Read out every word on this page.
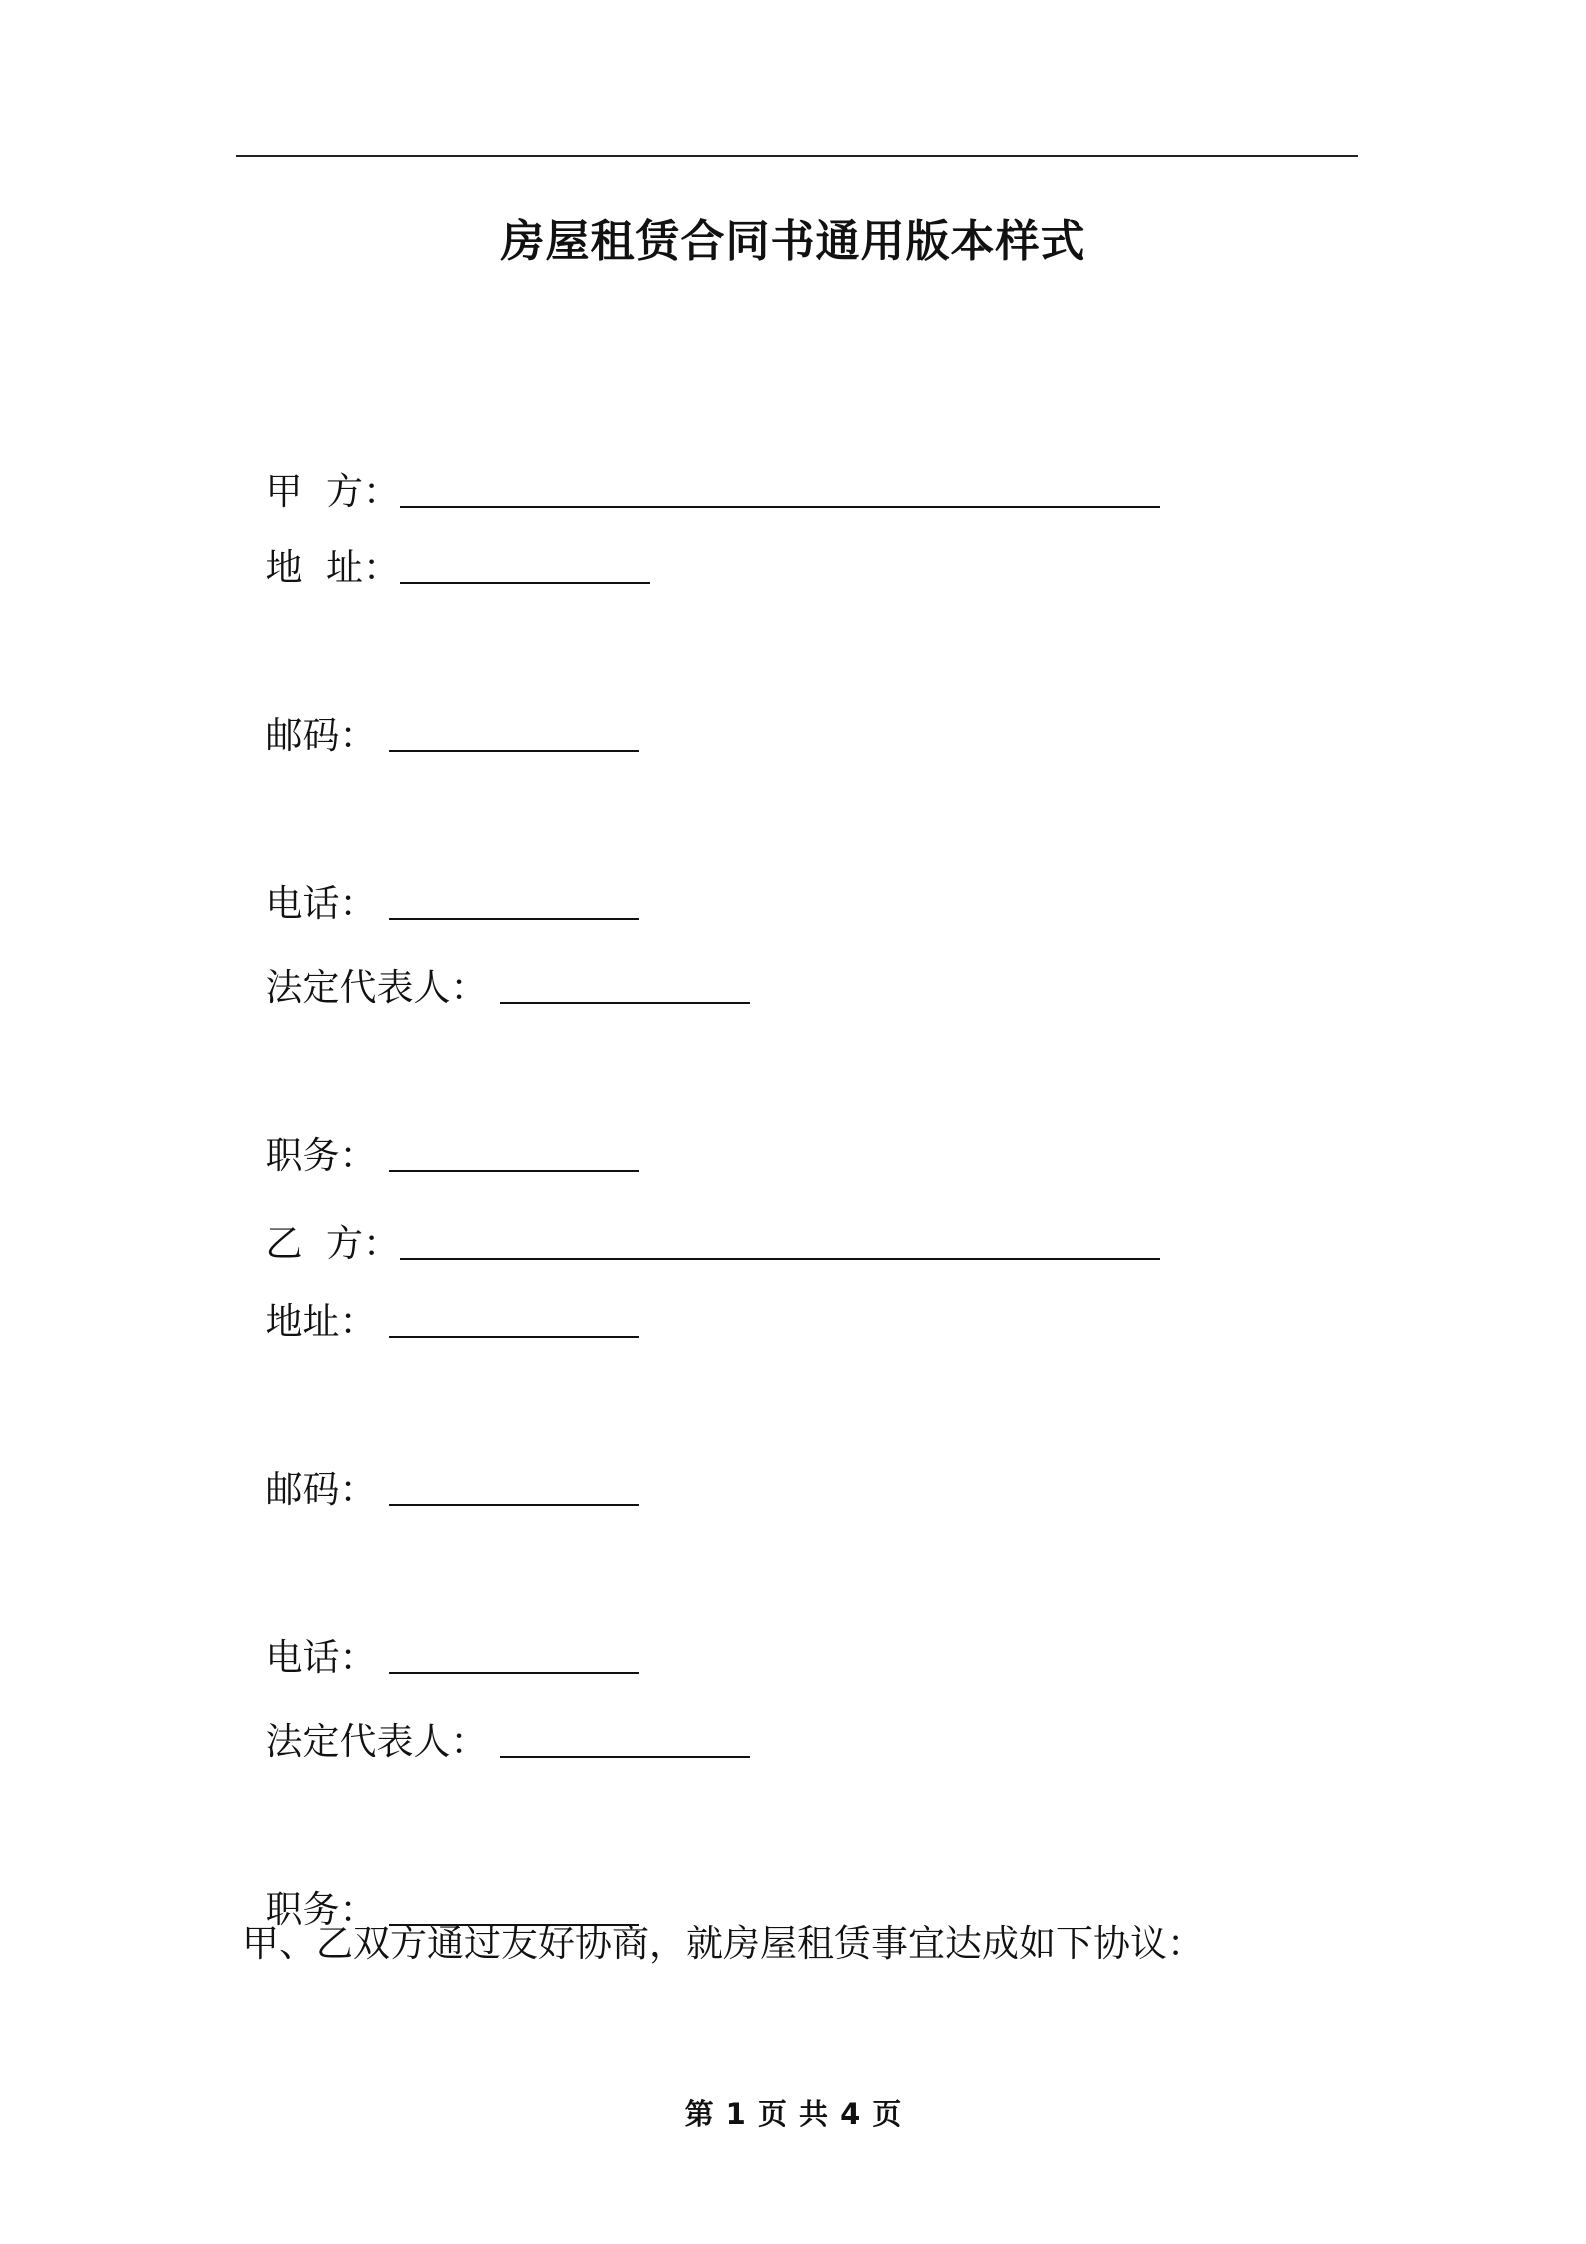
房屋租赁合同书通用版本样式

甲  方：

地  址：

邮码：

电话：

法定代表人：

职务：

乙  方：

地址：

邮码：

电话：

法定代表人：

职务：

甲、乙双方通过友好协商，就房屋租赁事宜达成如下协议：
第 1 页 共 4 页
